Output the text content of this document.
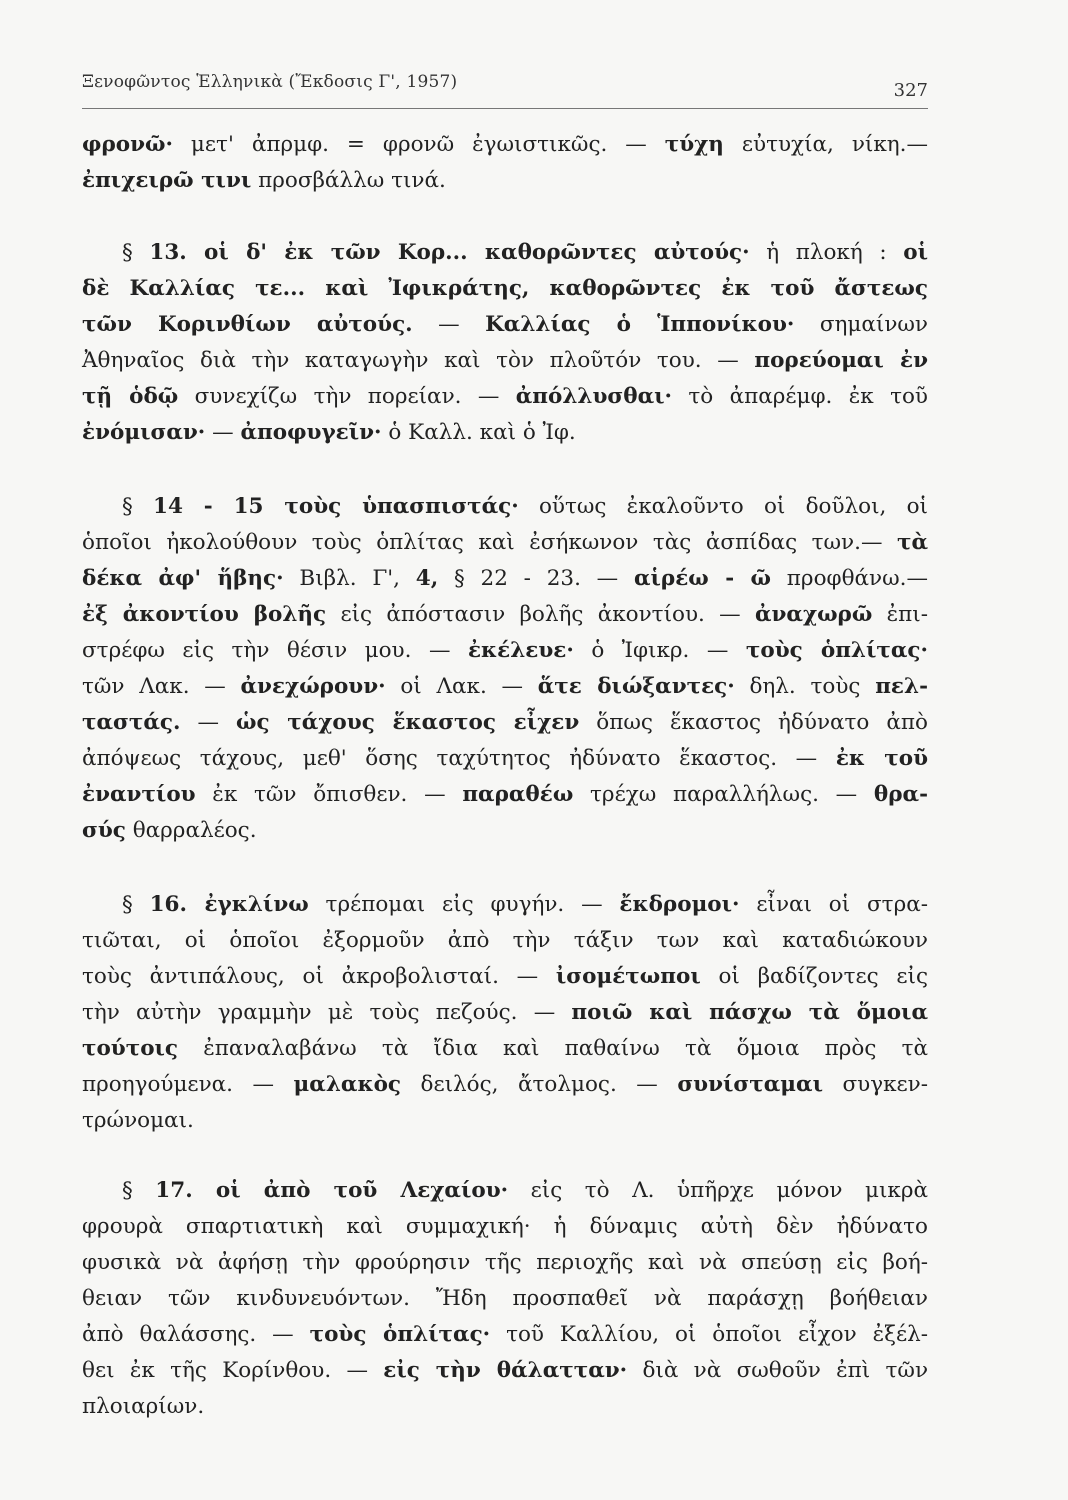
Ξενοφῶντος Ἑλληνικὰ (Ἔκδοσις Γ', 1957)	327
φρονῶ· μετ' ἀπρμφ. = φρονῶ ἐγωιστικῶς. — τύχη εὐτυχία, νίκη.—
ἐπιχειρῶ τινι προσβάλλω τινά.
§ 13. οἱ δ' ἐκ τῶν Κορ... καθορῶντες αὐτούς· ἡ πλοκή : οἱ
δὲ Καλλίας τε... καὶ Ἰφικράτης, καθορῶντες ἐκ τοῦ ἄστεως
τῶν Κορινθίων αὐτούς. — Καλλίας ὁ Ἱππονίκου· σημαίνων
Ἀθηναῖος διὰ τὴν καταγωγὴν καὶ τὸν πλοῦτόν του. — πορεύομαι ἐν
τῇ ὁδῷ συνεχίζω τὴν πορείαν. — ἀπόλλυσθαι· τὸ ἀπαρέμφ. ἐκ τοῦ
ἐνόμισαν· — ἀποφυγεῖν· ὁ Καλλ. καὶ ὁ Ἰφ.
§ 14 - 15 τοὺς ὑπασπιστάς· οὕτως ἐκαλοῦντο οἱ δοῦλοι, οἱ
ὁποῖοι ἠκολούθουν τοὺς ὁπλίτας καὶ ἐσήκωνον τὰς ἀσπίδας των.— τὰ
δέκα ἀφ' ἥβης· Βιβλ. Γ', 4, § 22 - 23. — αἱρέω - ῶ προφθάνω.—
ἐξ ἀκοντίου βολῆς εἰς ἀπόστασιν βολῆς ἀκοντίου. — ἀναχωρῶ ἐπι-
στρέφω εἰς τὴν θέσιν μου. — ἐκέλευε· ὁ Ἰφικρ. — τοὺς ὁπλίτας·
τῶν Λακ. — ἀνεχώρουν· οἱ Λακ. — ἅτε διώξαντες· δηλ. τοὺς πελ-
ταστάς. — ὡς τάχους ἕκαστος εἶχεν ὅπως ἕκαστος ἠδύνατο ἀπὸ
ἀπόψεως τάχους, μεθ' ὅσης ταχύτητος ἠδύνατο ἕκαστος. — ἐκ τοῦ
ἐναντίου ἐκ τῶν ὄπισθεν. — παραθέω τρέχω παραλλήλως. — θρα-
σύς θαρραλέος.
§ 16. ἐγκλίνω τρέπομαι εἰς φυγήν. — ἔκδρομοι· εἶναι οἱ στρα-
τιῶται, οἱ ὁποῖοι ἐξορμοῦν ἀπὸ τὴν τάξιν των καὶ καταδιώκουν
τοὺς ἀντιπάλους, οἱ ἀκροβολισταί. — ἰσομέτωποι οἱ βαδίζοντες εἰς
τὴν αὐτὴν γραμμὴν μὲ τοὺς πεζούς. — ποιῶ καὶ πάσχω τὰ ὅμοια
τούτοις ἐπαναλαβάνω τὰ ἴδια καὶ παθαίνω τὰ ὅμοια πρὸς τὰ
προηγούμενα. — μαλακὸς δειλός, ἄτολμος. — συνίσταμαι συγκεν-
τρώνομαι.
§ 17. οἱ ἀπὸ τοῦ Λεχαίου· εἰς τὸ Λ. ὑπῆρχε μόνον μικρὰ
φρουρὰ σπαρτιατικὴ καὶ συμμαχική· ἡ δύναμις αὐτὴ δὲν ἠδύνατο
φυσικὰ νὰ ἀφήσῃ τὴν φρούρησιν τῆς περιοχῆς καὶ νὰ σπεύσῃ εἰς βοή-
θειαν τῶν κινδυνευόντων. Ἤδη προσπαθεῖ νὰ παράσχῃ βοήθειαν
ἀπὸ θαλάσσης. — τοὺς ὁπλίτας· τοῦ Καλλίου, οἱ ὁποῖοι εἶχον ἐξέλ-
θει ἐκ τῆς Κορίνθου. — εἰς τὴν θάλατταν· διὰ νὰ σωθοῦν ἐπὶ τῶν
πλοιαρίων.
